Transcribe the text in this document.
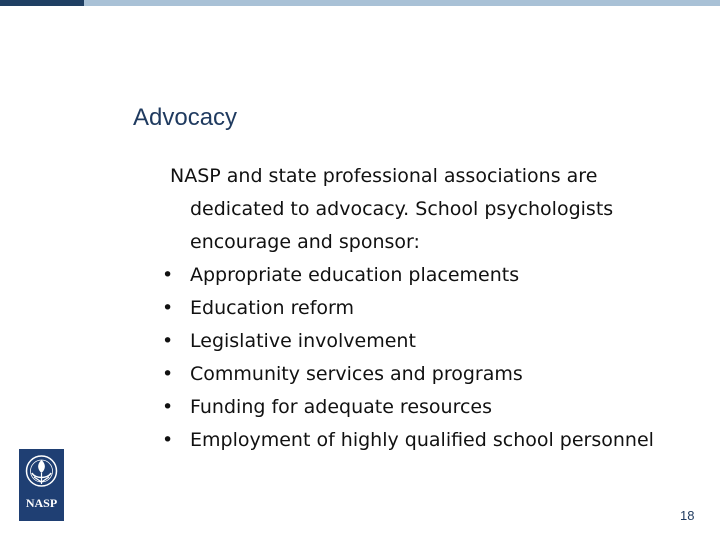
Advocacy

NASP and state professional associations are
dedicated to advocacy. School psychologists
encourage and sponsor:

• Appropriate education placements
• Education reform
• Legislative involvement
• Community services and programs
• Funding for adequate resources
• Employment of highly qualified school personnel
NASP
18
